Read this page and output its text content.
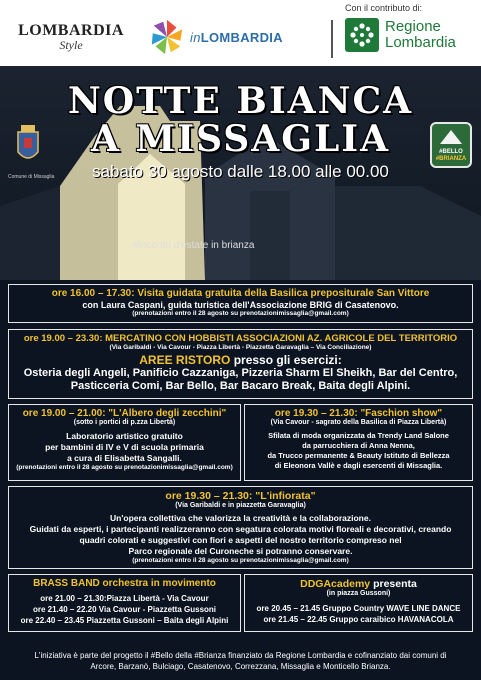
LOMBARDIA
Style
inLOMBARDIA
Con il contributo di:
Regione
Lombardia
NOTTE BIANCA
A MISSAGLIA
sabato 30 agosto dalle 18.00 alle 00.00
#incontri d'estate in brianza
Comune di Missaglia
#BELLO
#BRIANZA
ore 16.00 – 17.30: Visita guidata gratuita della Basilica prepositurale San Vittore
con Laura Caspani, guida turistica dell'Associazione BRIG di Casatenovo.
(prenotazioni entro il 28 agosto su prenotazionimissaglia@gmail.com)
ore 19.00 – 23.30: MERCATINO CON HOBBISTI ASSOCIAZIONI AZ. AGRICOLE DEL TERRITORIO
(Via Garibaldi - Via Cavour - Piazza Libertà - Piazzetta Garavaglia – Via Conciliazione)
AREE RISTORO presso gli esercizi:
Osteria degli Angeli, Panificio Cazzaniga, Pizzeria Sharm El Sheikh, Bar del Centro,
Pasticceria Comi, Bar Bello, Bar Bacaro Break, Baita degli Alpini.
ore 19.00 – 21.00: "L'Albero degli zecchini"
(sotto i portici di p.zza Libertà)
Laboratorio artistico gratuito
per bambini di IV e V di scuola primaria
a cura di Elisabetta Sangalli.
(prenotazioni entro il 28 agosto su prenotazionimissaglia@gmail.com)
ore 19.30 – 21.30: "Faschion show"
(Via Cavour - sagrato della Basilica di Piazza Libertà)
Sfilata di moda organizzata da Trendy Land Salone
da parrucchiera di Anna Nenna,
da Trucco permanente & Beauty Istituto di Bellezza
di Eleonora Vallè e dagli esercenti di Missaglia.
ore 19.30 – 21.30: "L'infiorata"
(Via Garibaldi e in piazzetta Garavaglia)
Un'opera collettiva che valorizza la creatività e la collaborazione.
Guidati da esperti, i partecipanti realizzeranno con segatura colorata motivi floreali e decorativi, creando
quadri colorati e suggestivi con fiori e aspetti del nostro territorio compreso nel
Parco regionale del Curoneche si potranno conservare.
(prenotazioni entro il 28 agosto su prenotazionimissaglia@gmail.com)
BRASS BAND orchestra in movimento
ore 21.00 – 21.30:Piazza Libertà - Via Cavour
ore 21.40 – 22.20 Via Cavour - Piazzetta Gussoni
ore 22.40 – 23.45 Piazzetta Gussoni – Baita degli Alpini
DDGAcademy presenta
(in piazza Gussoni)
ore 20.45 – 21.45 Gruppo Country WAVE LINE DANCE
ore 21.45 – 22.45 Gruppo caraibico HAVANACOLA
L'iniziativa è parte del progetto il #Bello della #Brianza finanziato da Regione Lombardia e cofinanziato dai comuni di
Arcore, Barzanò, Bulciago, Casatenovo, Correzzana, Missaglia e Monticello Brianza.
